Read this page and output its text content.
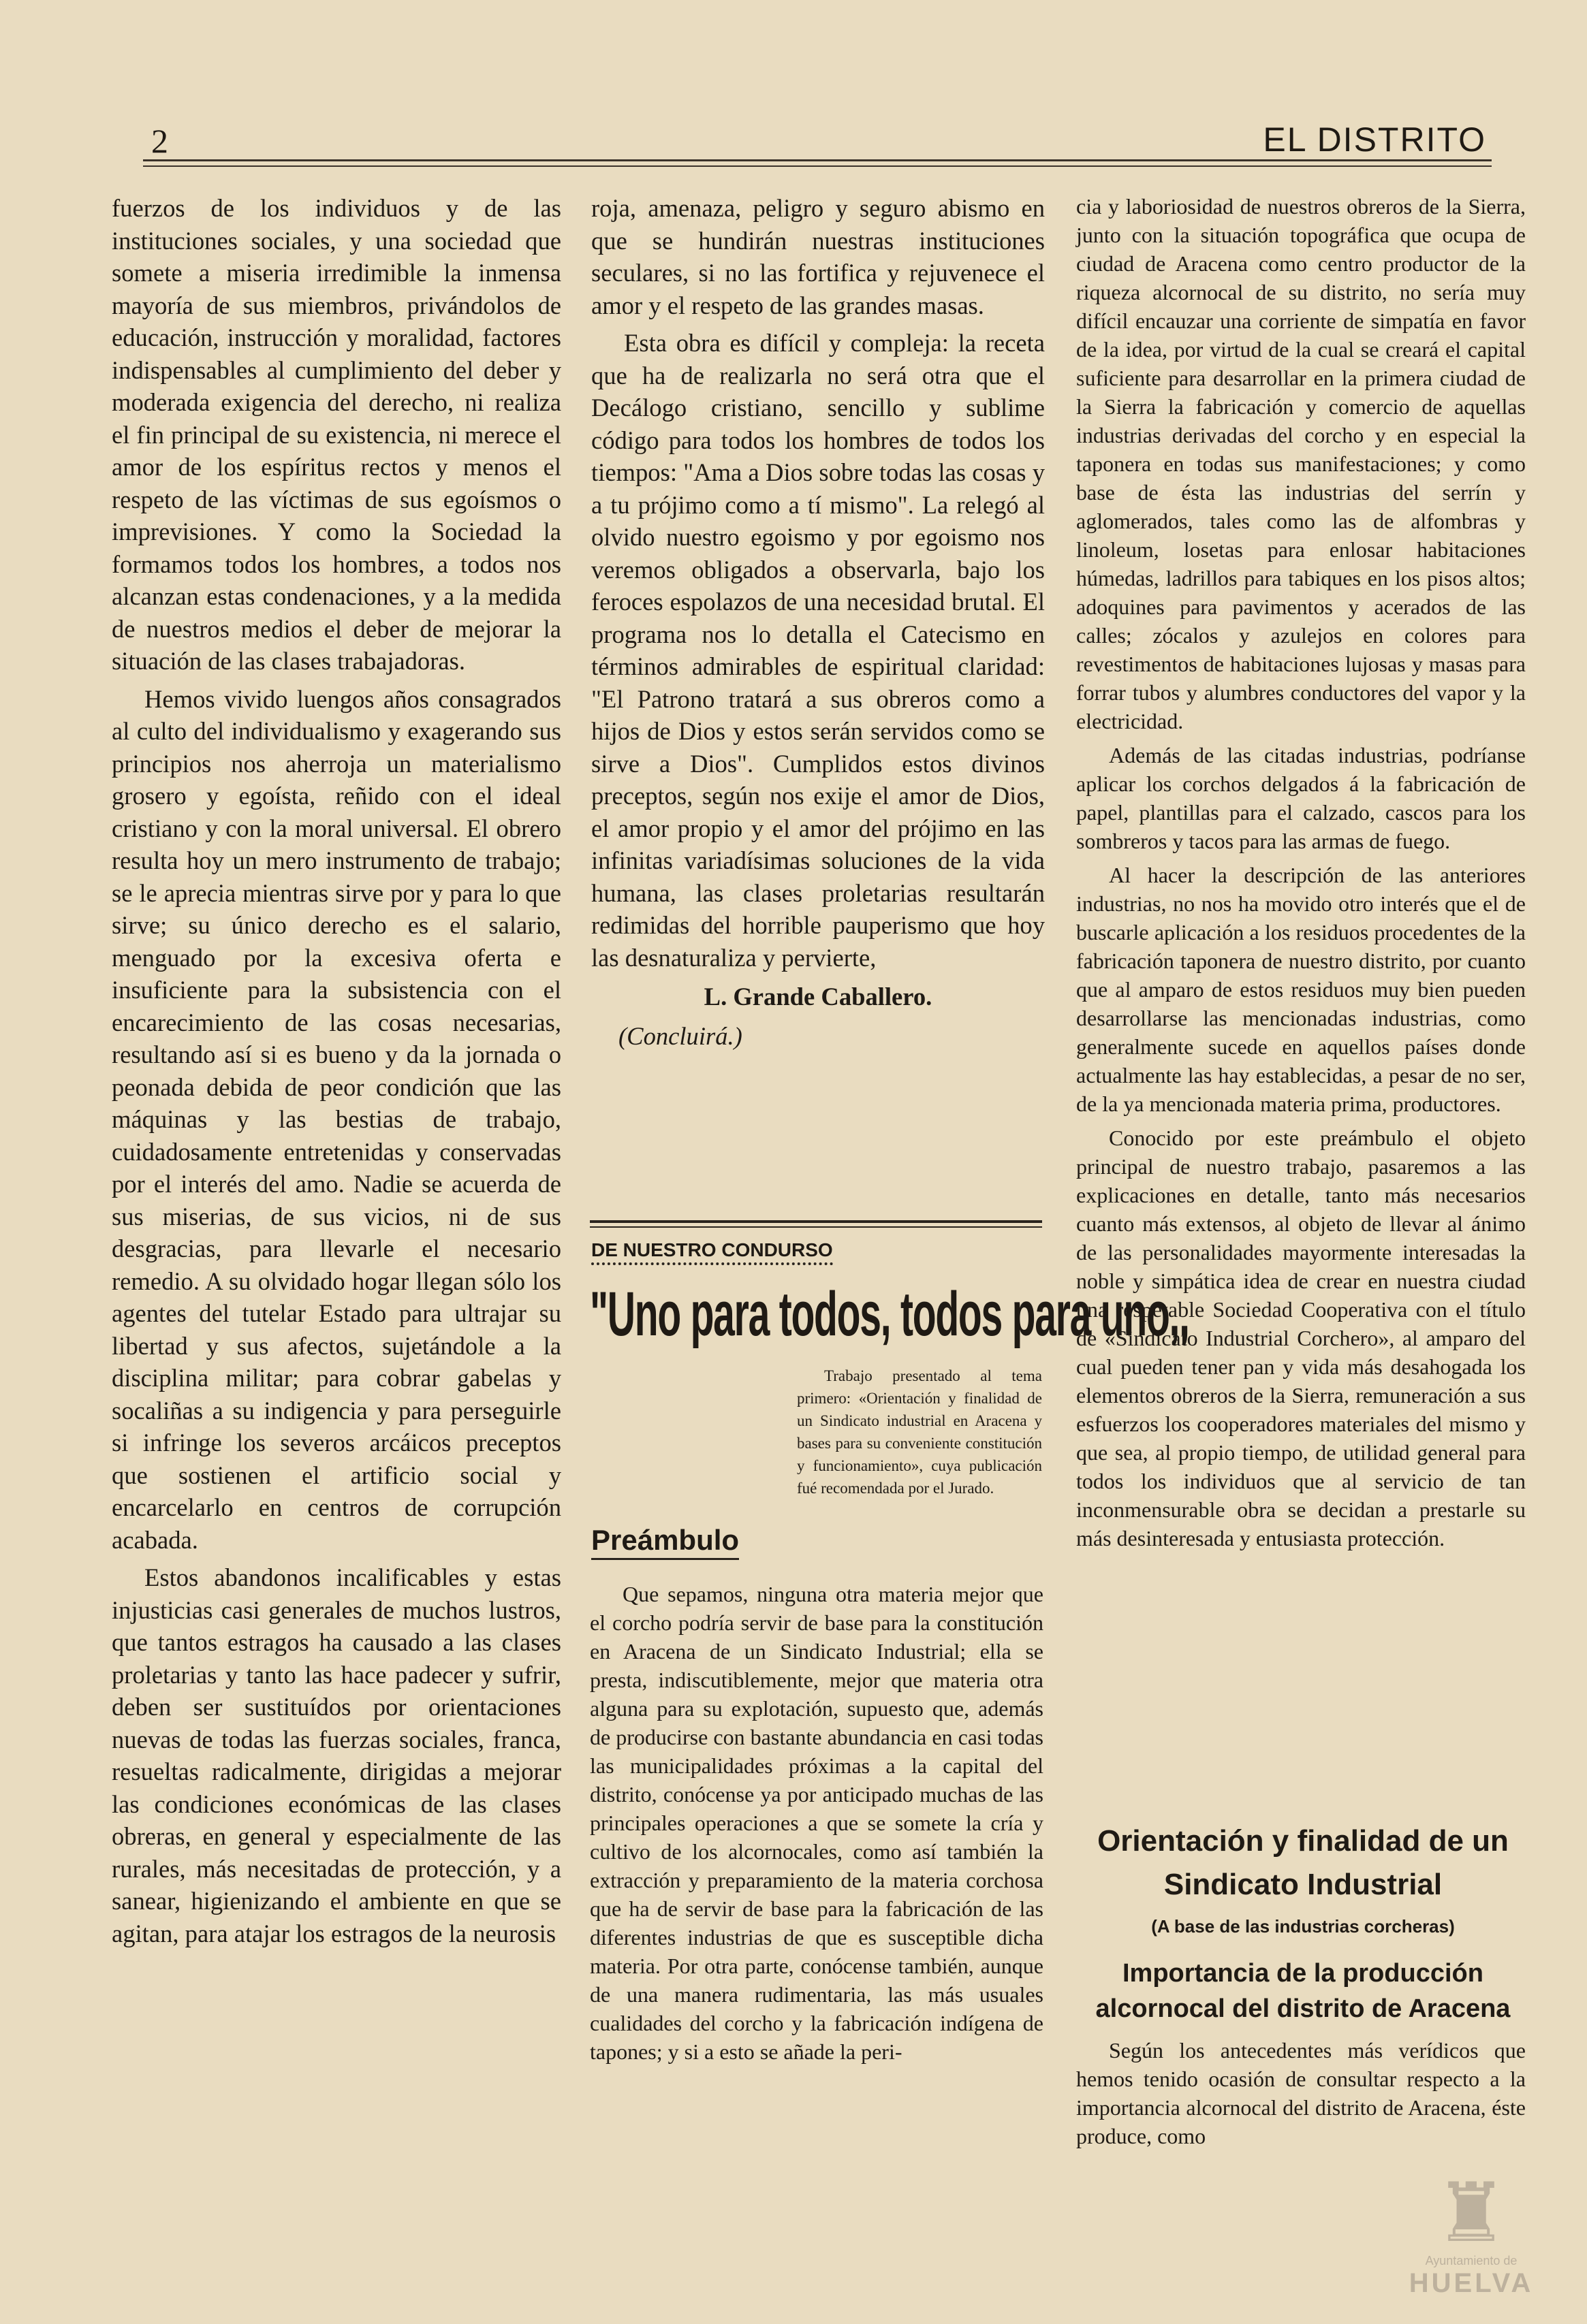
2	EL DISTRITO

fuerzos de los individuos y de las instituciones sociales, y una sociedad que somete a miseria irredimible la inmensa mayoría de sus miembros, privándolos de educación, instrucción y moralidad, factores indispensables al cumplimiento del deber y moderada exigencia del derecho, ni realiza el fin principal de su existencia, ni merece el amor de los espíritus rectos y menos el respeto de las víctimas de sus egoísmos o imprevisiones. Y como la Sociedad la formamos todos los hombres, a todos nos alcanzan estas condenaciones, y a la medida de nuestros medios el deber de mejorar la situación de las clases trabajadoras.

Hemos vivido luengos años consagrados al culto del individualismo y exagerando sus principios nos aherroja un materialismo grosero y egoísta, reñido con el ideal cristiano y con la moral universal. El obrero resulta hoy un mero instrumento de trabajo; se le aprecia mientras sirve por y para lo que sirve; su único derecho es el salario, menguado por la excesiva oferta e insuficiente para la subsistencia con el encarecimiento de las cosas necesarias, resultando así si es bueno y da la jornada o peonada debida de peor condición que las máquinas y las bestias de trabajo, cuidadosamente entretenidas y conservadas por el interés del amo. Nadie se acuerda de sus miserias, de sus vicios, ni de sus desgracias, para llevarle el necesario remedio. A su olvidado hogar llegan sólo los agentes del tutelar Estado para ultrajar su libertad y sus afectos, sujetándole a la disciplina militar; para cobrar gabelas y socaliñas a su indigencia y para perseguirle si infringe los severos arcáicos preceptos que sostienen el artificio social y encarcelarlo en centros de corrupción acabada.

Estos abandonos incalificables y estas injusticias casi generales de muchos lustros, que tantos estragos ha causado a las clases proletarias y tanto las hace padecer y sufrir, deben ser sustituídos por orientaciones nuevas de todas las fuerzas sociales, franca, resueltas radicalmente, dirigidas a mejorar las condiciones económicas de las clases obreras, en general y especialmente de las rurales, más necesitadas de protección, y a sanear, higienizando el ambiente en que se agitan, para atajar los estragos de la neurosis

roja, amenaza, peligro y seguro abismo en que se hundirán nuestras instituciones seculares, si no las fortifica y rejuvenece el amor y el respeto de las grandes masas.

Esta obra es difícil y compleja: la receta que ha de realizarla no será otra que el Decálogo cristiano, sencillo y sublime código para todos los hombres de todos los tiempos: "Ama a Dios sobre todas las cosas y a tu prójimo como a tí mismo". La relegó al olvido nuestro egoismo y por egoismo nos veremos obligados a observarla, bajo los feroces espolazos de una necesidad brutal. El programa nos lo detalla el Catecismo en términos admirables de espiritual claridad: "El Patrono tratará a sus obreros como a hijos de Dios y estos serán servidos como se sirve a Dios". Cumplidos estos divinos preceptos, según nos exije el amor de Dios, el amor propio y el amor del prójimo en las infinitas variadísimas soluciones de la vida humana, las clases proletarias resultarán redimidas del horrible pauperismo que hoy las desnaturaliza y pervierte,

L. Grande Caballero.

(Concluirá.)

DE NUESTRO CONDURSO
"Uno para todos, todos para uno,,
Trabajo presentado al tema primero: «Orientación y finalidad de un Sindicato industrial en Aracena y bases para su conveniente constitución y funcionamiento», cuya publicación fué recomendada por el Jurado.
Preámbulo
Que sepamos, ninguna otra materia mejor que el corcho podría servir de base para la constitución en Aracena de un Sindicato Industrial; ella se presta, indiscutiblemente, mejor que materia otra alguna para su explotación, supuesto que, además de producirse con bastante abundancia en casi todas las municipalidades próximas a la capital del distrito, conócense ya por anticipado muchas de las principales operaciones a que se somete la cría y cultivo de los alcornocales, como así también la extracción y preparamiento de la materia corchosa que ha de servir de base para la fabricación de las diferentes industrias de que es susceptible dicha materia. Por otra parte, conócense también, aunque de una manera rudimentaria, las más usuales cualidades del corcho y la fabricación indígena de tapones; y si a esto se añade la peri-

cia y laboriosidad de nuestros obreros de la Sierra, junto con la situación topográfica que ocupa de ciudad de Aracena como centro productor de la riqueza alcornocal de su distrito, no sería muy difícil encauzar una corriente de simpatía en favor de la idea, por virtud de la cual se creará el capital suficiente para desarrollar en la primera ciudad de la Sierra la fabricación y comercio de aquellas industrias derivadas del corcho y en especial la taponera en todas sus manifestaciones; y como base de ésta las industrias del serrín y aglomerados, tales como las de alfombras y linoleum, losetas para enlosar habitaciones húmedas, ladrillos para tabiques en los pisos altos; adoquines para pavimentos y acerados de las calles; zócalos y azulejos en colores para revestimentos de habitaciones lujosas y masas para forrar tubos y alumbres conductores del vapor y la electricidad.

Además de las citadas industrias, podríanse aplicar los corchos delgados á la fabricación de papel, plantillas para el calzado, cascos para los sombreros y tacos para las armas de fuego.

Al hacer la descripción de las anteriores industrias, no nos ha movido otro interés que el de buscarle aplicación a los residuos procedentes de la fabricación taponera de nuestro distrito, por cuanto que al amparo de estos residuos muy bien pueden desarrollarse las mencionadas industrias, como generalmente sucede en aquellos países donde actualmente las hay establecidas, a pesar de no ser, de la ya mencionada materia prima, productores.

Conocido por este preámbulo el objeto principal de nuestro trabajo, pasaremos a las explicaciones en detalle, tanto más necesarios cuanto más extensos, al objeto de llevar al ánimo de las personalidades mayormente interesadas la noble y simpática idea de crear en nuestra ciudad una respetable Sociedad Cooperativa con el título de «Sindicato Industrial Corchero», al amparo del cual pueden tener pan y vida más desahogada los elementos obreros de la Sierra, remuneración a sus esfuerzos los cooperadores materiales del mismo y que sea, al propio tiempo, de utilidad general para todos los individuos que al servicio de tan inconmensurable obra se decidan a prestarle su más desinteresada y entusiasta protección.

Orientación y finalidad de un Sindicato Industrial
(A base de las industrias corcheras)
Importancia de la producción alcornocal del distrito de Aracena
Según los antecedentes más verídicos que hemos tenido ocasión de consultar respecto a la importancia alcornocal del distrito de Aracena, éste produce, como
♜
Ayuntamiento de
HUELVA
